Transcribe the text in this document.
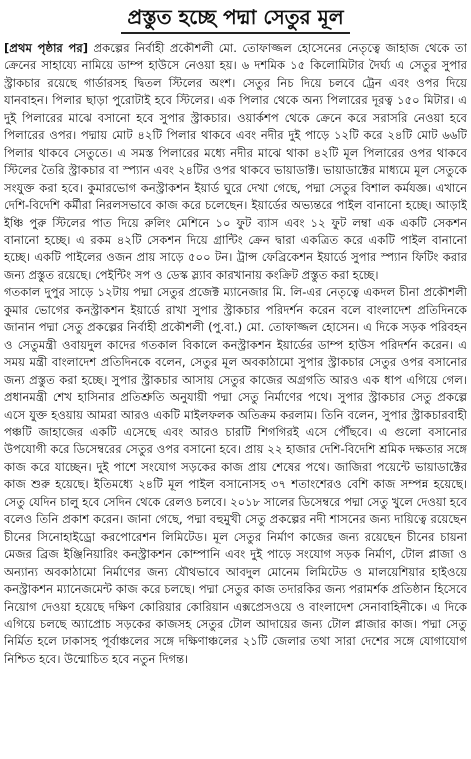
প্রস্তুত হচ্ছে পদ্মা সেতুর মূল

[প্রথম পৃষ্ঠার পর] প্রকল্পের নির্বাহী প্রকৌশলী মো. তোফাজ্জল হোসেনের নেতৃত্বে জাহাজ থেকে তা ক্রেনের সাহায্যে নামিয়ে ডাম্প হাউসে নেওয়া হয়। ৬ দশমিক ১৫ কিলোমিটার দৈর্ঘ্য এ সেতুর সুপার স্ট্রাকচার রয়েছে গার্ডারসহ দ্বিতল স্টিলের অংশ। সেতুর নিচ দিয়ে চলবে ট্রেন এবং ওপর দিয়ে যানবাহন। পিলার ছাড়া পুরোটাই হবে স্টিলের। এক পিলার থেকে অন্য পিলারের দূরত্ব ১৫০ মিটার। এ দুই পিলারের মাঝে বসানো হবে সুপার স্ট্রাকচার। ওয়ার্কশপ থেকে ক্রেনে করে সরাসরি নেওয়া হবে পিলারের ওপর। পদ্মায় মোট ৪২টি পিলার থাকবে এবং নদীর দুই পাড়ে ১২টি করে ২৪টি মোট ৬৬টি পিলার থাকবে সেতুতে। এ সমস্ত পিলারের মধ্যে নদীর মাঝে থাকা ৪২টি মূল পিলারের ওপর থাকবে স্টিলের তৈরি স্ট্রাকচার বা স্প্যান এবং ২৪টির ওপর থাকবে ভায়াডাক্ট। ভায়াডাক্টের মাধ্যমে মূল সেতুকে সংযুক্ত করা হবে। কুমারভোগ কনস্ট্রাকশন ইয়ার্ড ঘুরে দেখা গেছে, পদ্মা সেতুর বিশাল কর্মযজ্ঞ। এখানে দেশি-বিদেশি কর্মীরা নিরলসভাবে কাজ করে চলেছেন। ইয়ার্ডের অভ্যন্তরে পাইল বানানো হচ্ছে। আড়াই ইঞ্চি পুরু স্টিলের পাত দিয়ে রুলিং মেশিনে ১০ ফুট ব্যাস এবং ১২ ফুট লম্বা এক একটি সেকশন বানানো হচ্ছে। এ রকম ৪২টি সেকশন দিয়ে গ্রান্টিং ক্রেন দ্বারা একত্রিত করে একটি পাইল বানানো হচ্ছে। একটি পাইলের ওজন প্রায় সাড়ে ৫০০ টন। ট্রান্স ফেব্রিকেশন ইয়ার্ডে সুপার স্প্যান ফিটিং করার জন্য প্রস্তুত রয়েছে। পেইন্টিং সপ ও ডেস্ক স্ল্যাব কারখানায় কংক্রিট প্রস্তুত করা হচ্ছে।

গতকাল দুপুর সাড়ে ১২টায় পদ্মা সেতুর প্রজেক্ট ম্যানেজার মি. লি-এর নেতৃত্বে একদল চীনা প্রকৌশলী কুমার ভোগের কনস্ট্রাকশন ইয়ার্ডে রাখা সুপার স্ট্রাকচার পরিদর্শন করেন বলে বাংলাদেশ প্রতিদিনকে জানান পদ্মা সেতু প্রকল্পের নির্বাহী প্রকৌশলী (পু.বা.) মো. তোফাজ্জল হোসেন। এ দিকে সড়ক পরিবহন ও সেতুমন্ত্রী ওবায়দুল কাদের গতকাল বিকালে কনস্ট্রাকশন ইয়ার্ডের ডাম্প হাউস পরিদর্শন করেন। এ সময় মন্ত্রী বাংলাদেশ প্রতিদিনকে বলেন, সেতুর মূল অবকাঠামো সুপার স্ট্রাকচার সেতুর ওপর বসানোর জন্য প্রস্তুত করা হচ্ছে। সুপার স্ট্রাকচার আসায় সেতুর কাজের অগ্রগতি আরও এক ধাপ এগিয়ে গেল। প্রধানমন্ত্রী শেখ হাসিনার প্রতিশ্রুতি অনুযায়ী পদ্মা সেতু নির্মাণের পথে। সুপার স্ট্রাকচার সেতু প্রকল্পে এসে যুক্ত হওয়ায় আমরা আরও একটি মাইলফলক অতিক্রম করলাম। তিনি বলেন, সুপার স্ট্রাকচারবাহী পঞ্চটি জাহাজের একটি এসেছে এবং আরও চারটি শিগগিরই এসে পৌঁছবে। এ গুলো বসানোর উপযোগী করে ডিসেম্বরের সেতুর ওপর বসানো হবে। প্রায় ২২ হাজার দেশি-বিদেশি শ্রমিক দক্ষতার সঙ্গে কাজ করে যাচ্ছেন। দুই পাশে সংযোগ সড়কের কাজ প্রায় শেষের পথে। জাজিরা পয়েন্টে ভায়াডাক্টের কাজ শুরু হয়েছে। ইতিমধ্যে ২৪টি মূল পাইল বসানোসহ ৩৭ শতাংশেরও বেশি কাজ সম্পন্ন হয়েছে। সেতু যেদিন চালু হবে সেদিন থেকে রেলও চলবে। ২০১৮ সালের ডিসেম্বরে পদ্মা সেতু খুলে দেওয়া হবে বলেও তিনি প্রকাশ করেন। জানা গেছে, পদ্মা বহুমুখী সেতু প্রকল্পের নদী শাসনের জন্য দায়িত্বে রয়েছেন চীনের সিনোহাইড্রো করপোরেশন লিমিটেড। মূল সেতুর নির্মাণ কাজের জন্য রয়েছেন চীনের চায়না মেজর ব্রিজ ইঞ্জিনিয়ারিং কনস্ট্রাকশন কোম্পানি এবং দুই পাড়ে সংযোগ সড়ক নির্মাণ, টোল প্লাজা ও অন্যান্য অবকাঠামো নির্মাণের জন্য যৌথভাবে আবদুল মোনেম লিমিটেড ও মালয়েশিয়ার হাইওয়ে কনস্ট্রাকশন ম্যানেজমেন্ট কাজ করে চলছে। পদ্মা সেতুর কাজ তদারকির জন্য পরামর্শক প্রতিষ্ঠান হিসেবে নিয়োগ দেওয়া হয়েছে দক্ষিণ কোরিয়ার কোরিয়ান এক্সপ্রেসওয়ে ও বাংলাদেশ সেনাবাহিনীকে। এ দিকে এগিয়ে চলছে অ্যাপ্রোচ সড়কের কাজসহ সেতুর টোল আদায়ের জন্য টোল প্লাজার কাজ। পদ্মা সেতু নির্মিত হলে ঢাকাসহ পূর্বাঞ্চলের সঙ্গে দক্ষিণাঞ্চলের ২১টি জেলার তথা সারা দেশের সঙ্গে যোগাযোগ নিশ্চিত হবে। উন্মোচিত হবে নতুন দিগন্ত।
